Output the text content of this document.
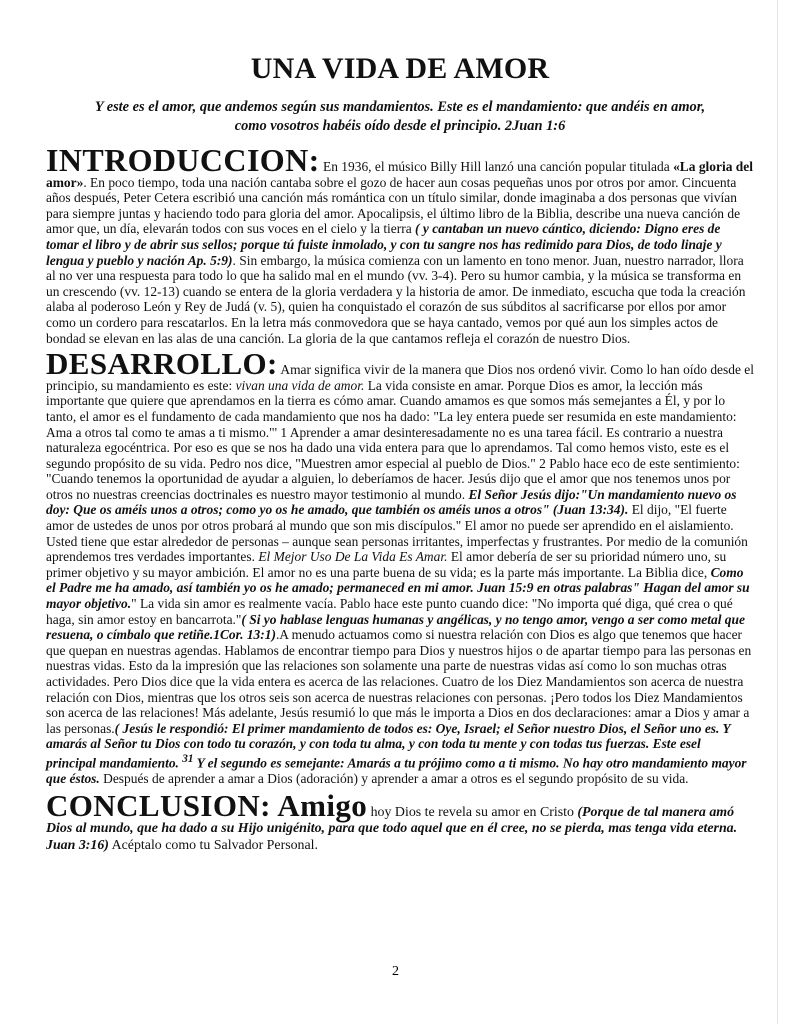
UNA VIDA DE AMOR
Y este es el amor, que andemos según sus mandamientos. Este es el mandamiento: que andéis en amor,
como vosotros habéis oído desde el principio. 2Juan 1:6

INTRODUCCION: En 1936, el músico Billy Hill lanzó una canción popular titulada «La gloria del amor». En poco tiempo, toda una nación cantaba sobre el gozo de hacer aun cosas pequeñas unos por otros por amor. Cincuenta años después, Peter Cetera escribió una canción más romántica con un título similar, donde imaginaba a dos personas que vivían para siempre juntas y haciendo todo para gloria del amor. Apocalipsis, el último libro de la Biblia, describe una nueva canción de amor que, un día, elevarán todos con sus voces en el cielo y la tierra ( y cantaban un nuevo cántico, diciendo: Digno eres de tomar el libro y de abrir sus sellos; porque tú fuiste inmolado, y con tu sangre nos has redimido para Dios, de todo linaje y lengua y pueblo y nación Ap. 5:9). Sin embargo, la música comienza con un lamento en tono menor. Juan, nuestro narrador, llora al no ver una respuesta para todo lo que ha salido mal en el mundo (vv. 3-4). Pero su humor cambia, y la música se transforma en un crescendo (vv. 12-13) cuando se entera de la gloria verdadera y la historia de amor. De inmediato, escucha que toda la creación alaba al poderoso León y Rey de Judá (v. 5), quien ha conquistado el corazón de sus súbditos al sacrificarse por ellos por amor como un cordero para rescatarlos. En la letra más conmovedora que se haya cantado, vemos por qué aun los simples actos de bondad se elevan en las alas de una canción. La gloria de la que cantamos refleja el corazón de nuestro Dios.

DESARROLLO: Amar significa vivir de la manera que Dios nos ordenó vivir. Como lo han oído desde el principio, su mandamiento es este: vivan una vida de amor. La vida consiste en amar. Porque Dios es amor, la lección más importante que quiere que aprendamos en la tierra es cómo amar. Cuando amamos es que somos más semejantes a Él, y por lo tanto, el amor es el fundamento de cada mandamiento que nos ha dado: "La ley entera puede ser resumida en este mandamiento: Ama a otros tal como te amas a ti mismo."' 1 Aprender a amar desinteresadamente no es una tarea fácil. Es contrario a nuestra naturaleza egocéntrica. Por eso es que se nos ha dado una vida entera para que lo aprendamos. Tal como hemos visto, este es el segundo propósito de su vida. Pedro nos dice, "Muestren amor especial al pueblo de Dios." 2 Pablo hace eco de este sentimiento: "Cuando tenemos la oportunidad de ayudar a alguien, lo deberíamos de hacer. Jesús dijo que el amor que nos tenemos unos por otros no nuestras creencias doctrinales es nuestro mayor testimonio al mundo. El Señor Jesús dijo:"Un mandamiento nuevo os doy: Que os améis unos a otros; como yo os he amado, que también os améis unos a otros" (Juan 13:34). El dijo, "El fuerte amor de ustedes de unos por otros probará al mundo que son mis discípulos." El amor no puede ser aprendido en el aislamiento. Usted tiene que estar alrededor de personas – aunque sean personas irritantes, imperfectas y frustrantes. Por medio de la comunión aprendemos tres verdades importantes. El Mejor Uso De La Vida Es Amar. El amor debería de ser su prioridad número uno, su primer objetivo y su mayor ambición. El amor no es una parte buena de su vida; es la parte más importante. La Biblia dice, Como el Padre me ha amado, así también yo os he amado; permaneced en mi amor. Juan 15:9 en otras palabras" Hagan del amor su mayor objetivo." La vida sin amor es realmente vacía. Pablo hace este punto cuando dice: "No importa qué diga, qué crea o qué haga, sin amor estoy en bancarrota."( Si yo hablase lenguas humanas y angélicas, y no tengo amor, vengo a ser como metal que resuena, o címbalo que retiñe.1Cor. 13:1).A menudo actuamos como si nuestra relación con Dios es algo que tenemos que hacer que quepan en nuestras agendas. Hablamos de encontrar tiempo para Dios y nuestros hijos o de apartar tiempo para las personas en nuestras vidas. Esto da la impresión que las relaciones son solamente una parte de nuestras vidas así como lo son muchas otras actividades. Pero Dios dice que la vida entera es acerca de las relaciones. Cuatro de los Diez Mandamientos son acerca de nuestra relación con Dios, mientras que los otros seis son acerca de nuestras relaciones con personas. ¡Pero todos los Diez Mandamientos son acerca de las relaciones! Más adelante, Jesús resumió lo que más le importa a Dios en dos declaraciones: amar a Dios y amar a las personas.( Jesús le respondió: El primer mandamiento de todos es: Oye, Israel; el Señor nuestro Dios, el Señor uno es. Y amarás al Señor tu Dios con todo tu corazón, y con toda tu alma, y con toda tu mente y con todas tus fuerzas. Este esel principal mandamiento. $^{31}$ Y el segundo es semejante: Amarás a tu prójimo como a ti mismo. No hay otro mandamiento mayor que éstos. Después de aprender a amar a Dios (adoración) y aprender a amar a otros es el segundo propósito de su vida.

CONCLUSION: Amigo hoy Dios te revela su amor en Cristo (Porque de tal manera amó Dios al mundo, que ha dado a su Hijo unigénito, para que todo aquel que en él cree, no se pierda, mas tenga vida eterna. Juan 3:16) Acéptalo como tu Salvador Personal.

2
